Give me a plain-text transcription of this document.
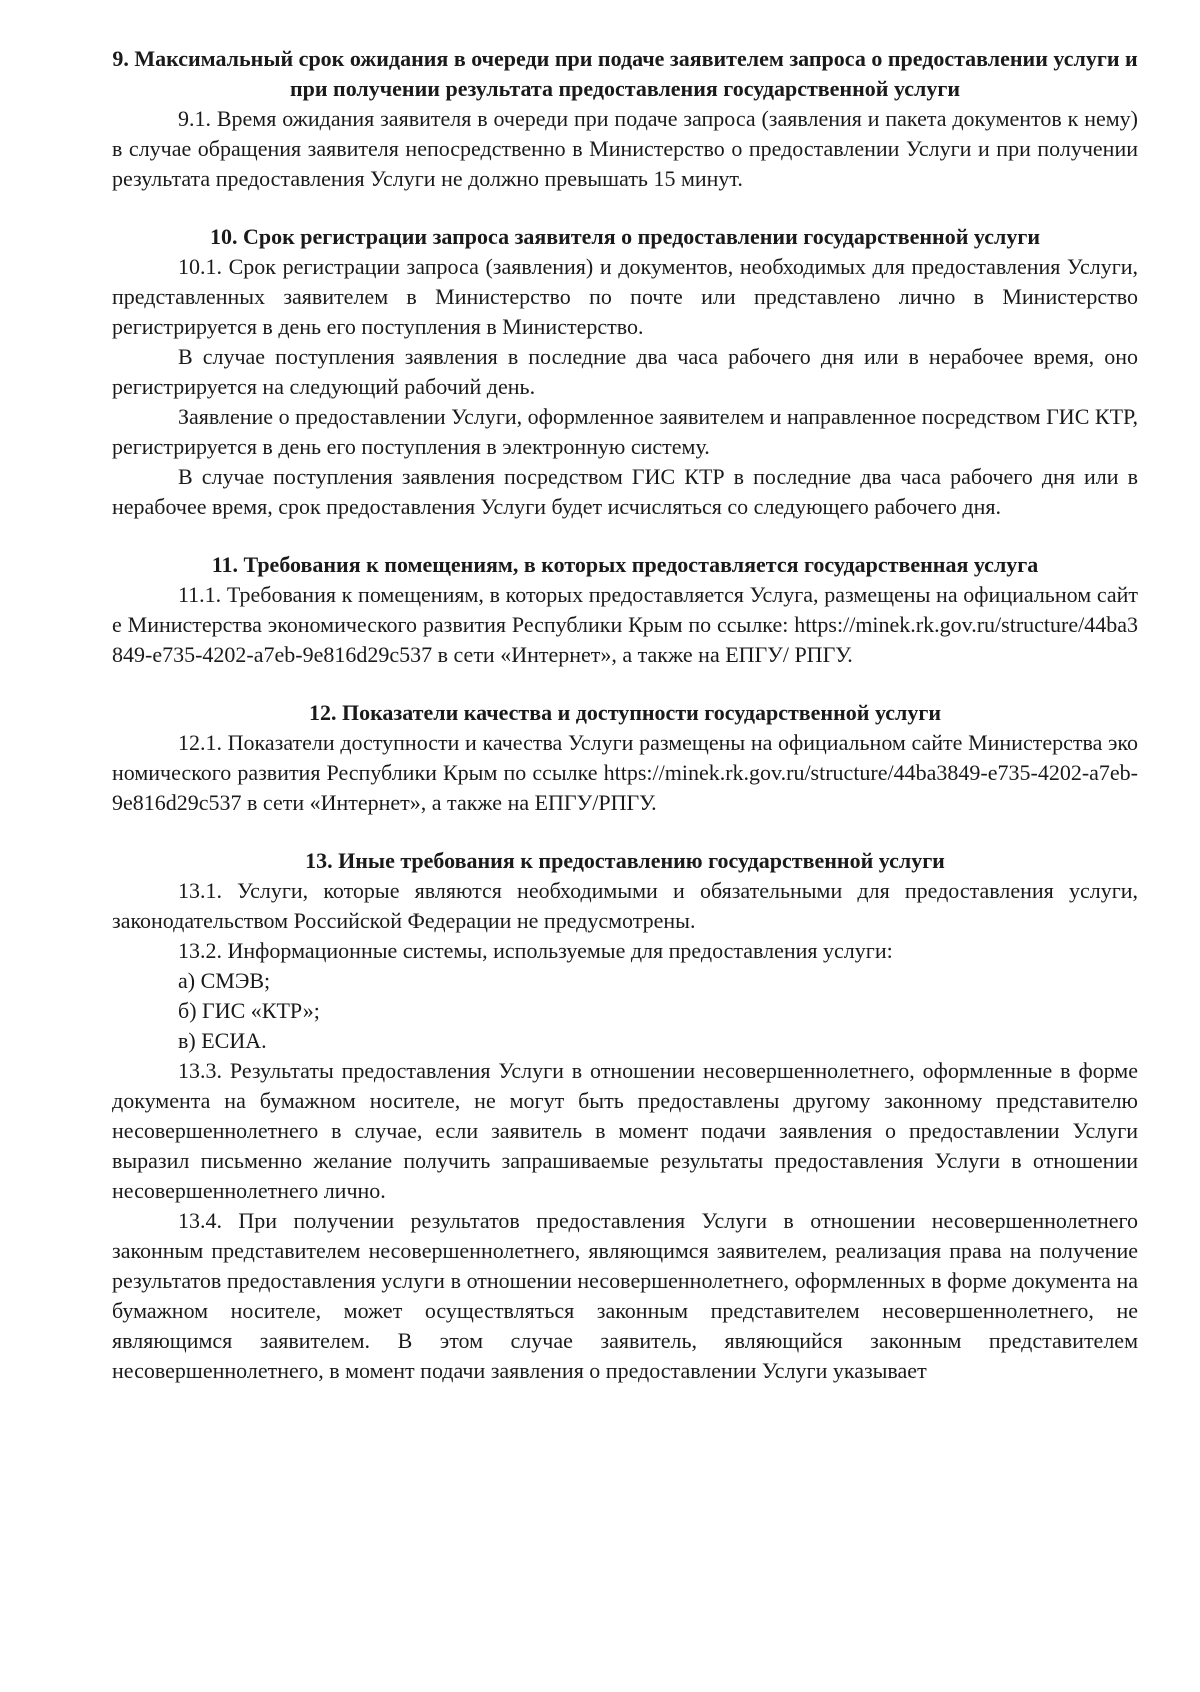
9. Максимальный срок ожидания в очереди при подаче заявителем запроса о предоставлении услуги и при получении результата предоставления государственной услуги

9.1. Время ожидания заявителя в очереди при подаче запроса (заявления и пакета документов к нему) в случае обращения заявителя непосредственно в Министерство о предоставлении Услуги и при получении результата предоставления Услуги не должно превышать 15 минут.

10. Срок регистрации запроса заявителя о предоставлении государственной услуги

10.1. Срок регистрации запроса (заявления) и документов, необходимых для предоставления Услуги, представленных заявителем в Министерство по почте или представлено лично в Министерство регистрируется в день его поступления в Министерство.

В случае поступления заявления в последние два часа рабочего дня или в нерабочее время, оно регистрируется на следующий рабочий день.

Заявление о предоставлении Услуги, оформленное заявителем и направленное посредством ГИС КТР, регистрируется в день его поступления в электронную систему.

В случае поступления заявления посредством ГИС КТР в последние два часа рабочего дня или в нерабочее время, срок предоставления Услуги будет исчисляться со следующего рабочего дня.

11. Требования к помещениям, в которых предоставляется государственная услуга

11.1. Требования к помещениям, в которых предоставляется Услуга, размещены на официальном сайте Министерства экономического развития Республики Крым по ссылке: https://minek.rk.gov.ru/structure/44ba3849-e735-4202-a7eb-9e816d29c537 в сети «Интернет», а также на ЕПГУ/ РПГУ.

12. Показатели качества и доступности государственной услуги

12.1. Показатели доступности и качества Услуги размещены на официальном сайте Министерства экономического развития Республики Крым по ссылке https://minek.rk.gov.ru/structure/44ba3849-e735-4202-a7eb-9e816d29c537 в сети «Интернет», а также на ЕПГУ/РПГУ.

13. Иные требования к предоставлению государственной услуги

13.1. Услуги, которые являются необходимыми и обязательными для предоставления услуги, законодательством Российской Федерации не предусмотрены.

13.2. Информационные системы, используемые для предоставления услуги:

а) СМЭВ;

б) ГИС «КТР»;

в) ЕСИА.

13.3. Результаты предоставления Услуги в отношении несовершеннолетнего, оформленные в форме документа на бумажном носителе, не могут быть предоставлены другому законному представителю несовершеннолетнего в случае, если заявитель в момент подачи заявления о предоставлении Услуги выразил письменно желание получить запрашиваемые результаты предоставления Услуги в отношении несовершеннолетнего лично.

13.4. При получении результатов предоставления Услуги в отношении несовершеннолетнего законным представителем несовершеннолетнего, являющимся заявителем, реализация права на получение результатов предоставления услуги в отношении несовершеннолетнего, оформленных в форме документа на бумажном носителе, может осуществляться законным представителем несовершеннолетнего, не являющимся заявителем. В этом случае заявитель, являющийся законным представителем несовершеннолетнего, в момент подачи заявления о предоставлении Услуги указывает
